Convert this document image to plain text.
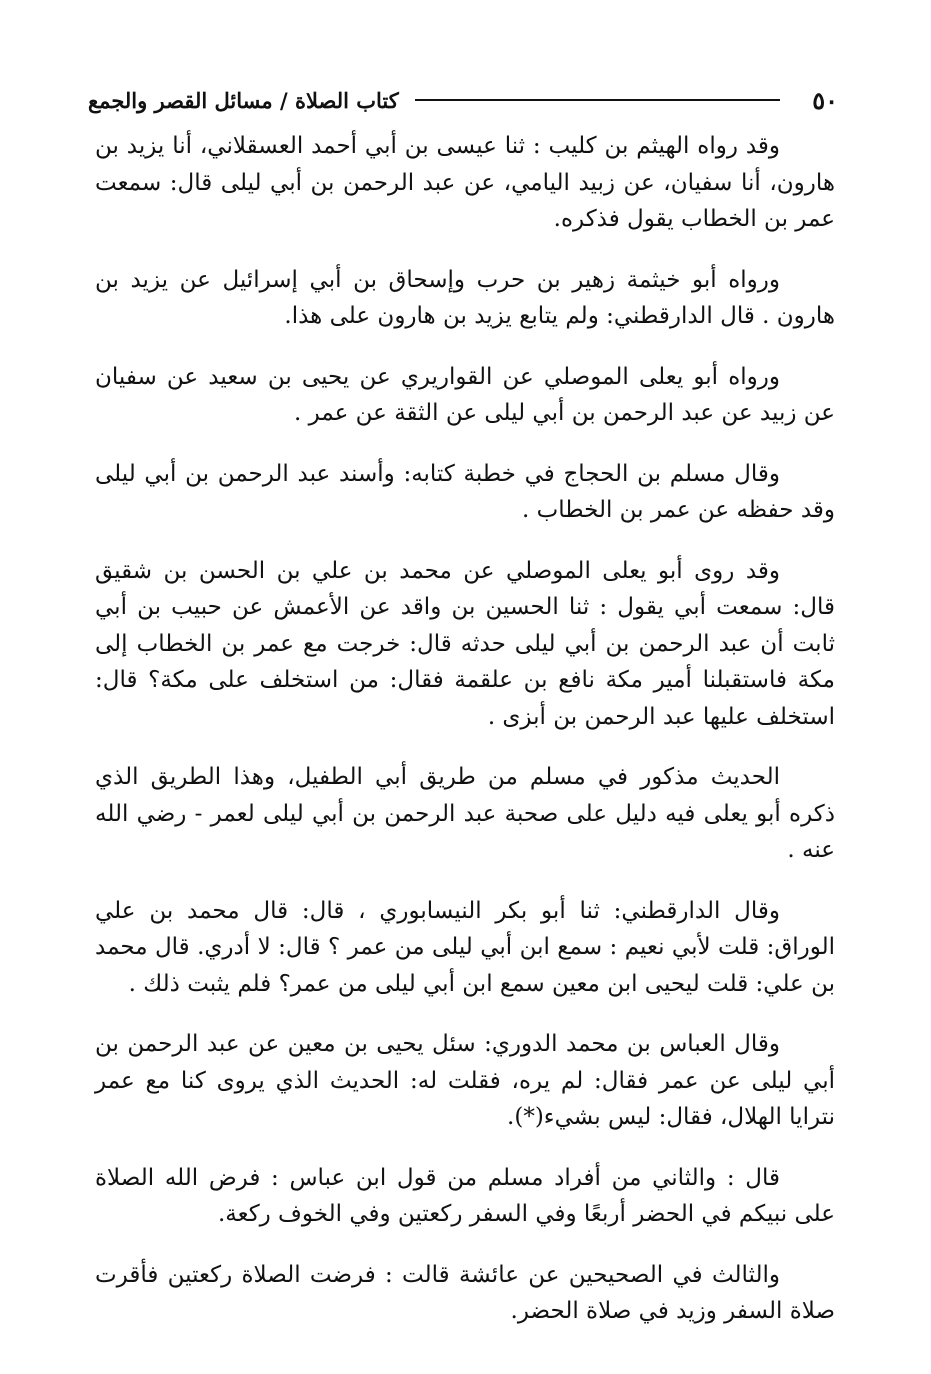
٥٠
كتاب الصلاة / مسائل القصر والجمع

وقد رواه الهيثم بن كليب : ثنا عيسى بن أبي أحمد العسقلاني، أنا يزيد بن هارون، أنا سفيان، عن زبيد اليامي، عن عبد الرحمن بن أبي ليلى قال: سمعت عمر بن الخطاب يقول فذكره.

ورواه أبو خيثمة زهير بن حرب وإسحاق بن أبي إسرائيل عن يزيد بن هارون . قال الدارقطني: ولم يتابع يزيد بن هارون على هذا.

ورواه أبو يعلى الموصلي عن القواريري عن يحيى بن سعيد عن سفيان عن زبيد عن عبد الرحمن بن أبي ليلى عن الثقة عن عمر .

وقال مسلم بن الحجاج في خطبة كتابه: وأسند عبد الرحمن بن أبي ليلى وقد حفظه عن عمر بن الخطاب .

وقد روى أبو يعلى الموصلي عن محمد بن علي بن الحسن بن شقيق قال: سمعت أبي يقول : ثنا الحسين بن واقد عن الأعمش عن حبيب بن أبي ثابت أن عبد الرحمن بن أبي ليلى حدثه قال: خرجت مع عمر بن الخطاب إلى مكة فاستقبلنا أمير مكة نافع بن علقمة فقال: من استخلف على مكة؟ قال: استخلف عليها عبد الرحمن بن أبزى .

الحديث مذكور في مسلم من طريق أبي الطفيل، وهذا الطريق الذي ذكره أبو يعلى فيه دليل على صحبة عبد الرحمن بن أبي ليلى لعمر - رضي الله عنه .

وقال الدارقطني: ثنا أبو بكر النيسابوري ، قال: قال محمد بن علي الوراق: قلت لأبي نعيم : سمع ابن أبي ليلى من عمر ؟ قال: لا أدري. قال محمد بن علي: قلت ليحيى ابن معين سمع ابن أبي ليلى من عمر؟ فلم يثبت ذلك .

وقال العباس بن محمد الدوري: سئل يحيى بن معين عن عبد الرحمن بن أبي ليلى عن عمر فقال: لم يره، فقلت له: الحديث الذي يروى كنا مع عمر نترايا الهلال، فقال: ليس بشيء(*).

قال : والثاني من أفراد مسلم من قول ابن عباس : فرض الله الصلاة على نبيكم في الحضر أربعًا وفي السفر ركعتين وفي الخوف ركعة.

والثالث في الصحيحين عن عائشة قالت : فرضت الصلاة ركعتين فأقرت صلاة السفر وزيد في صلاة الحضر.
